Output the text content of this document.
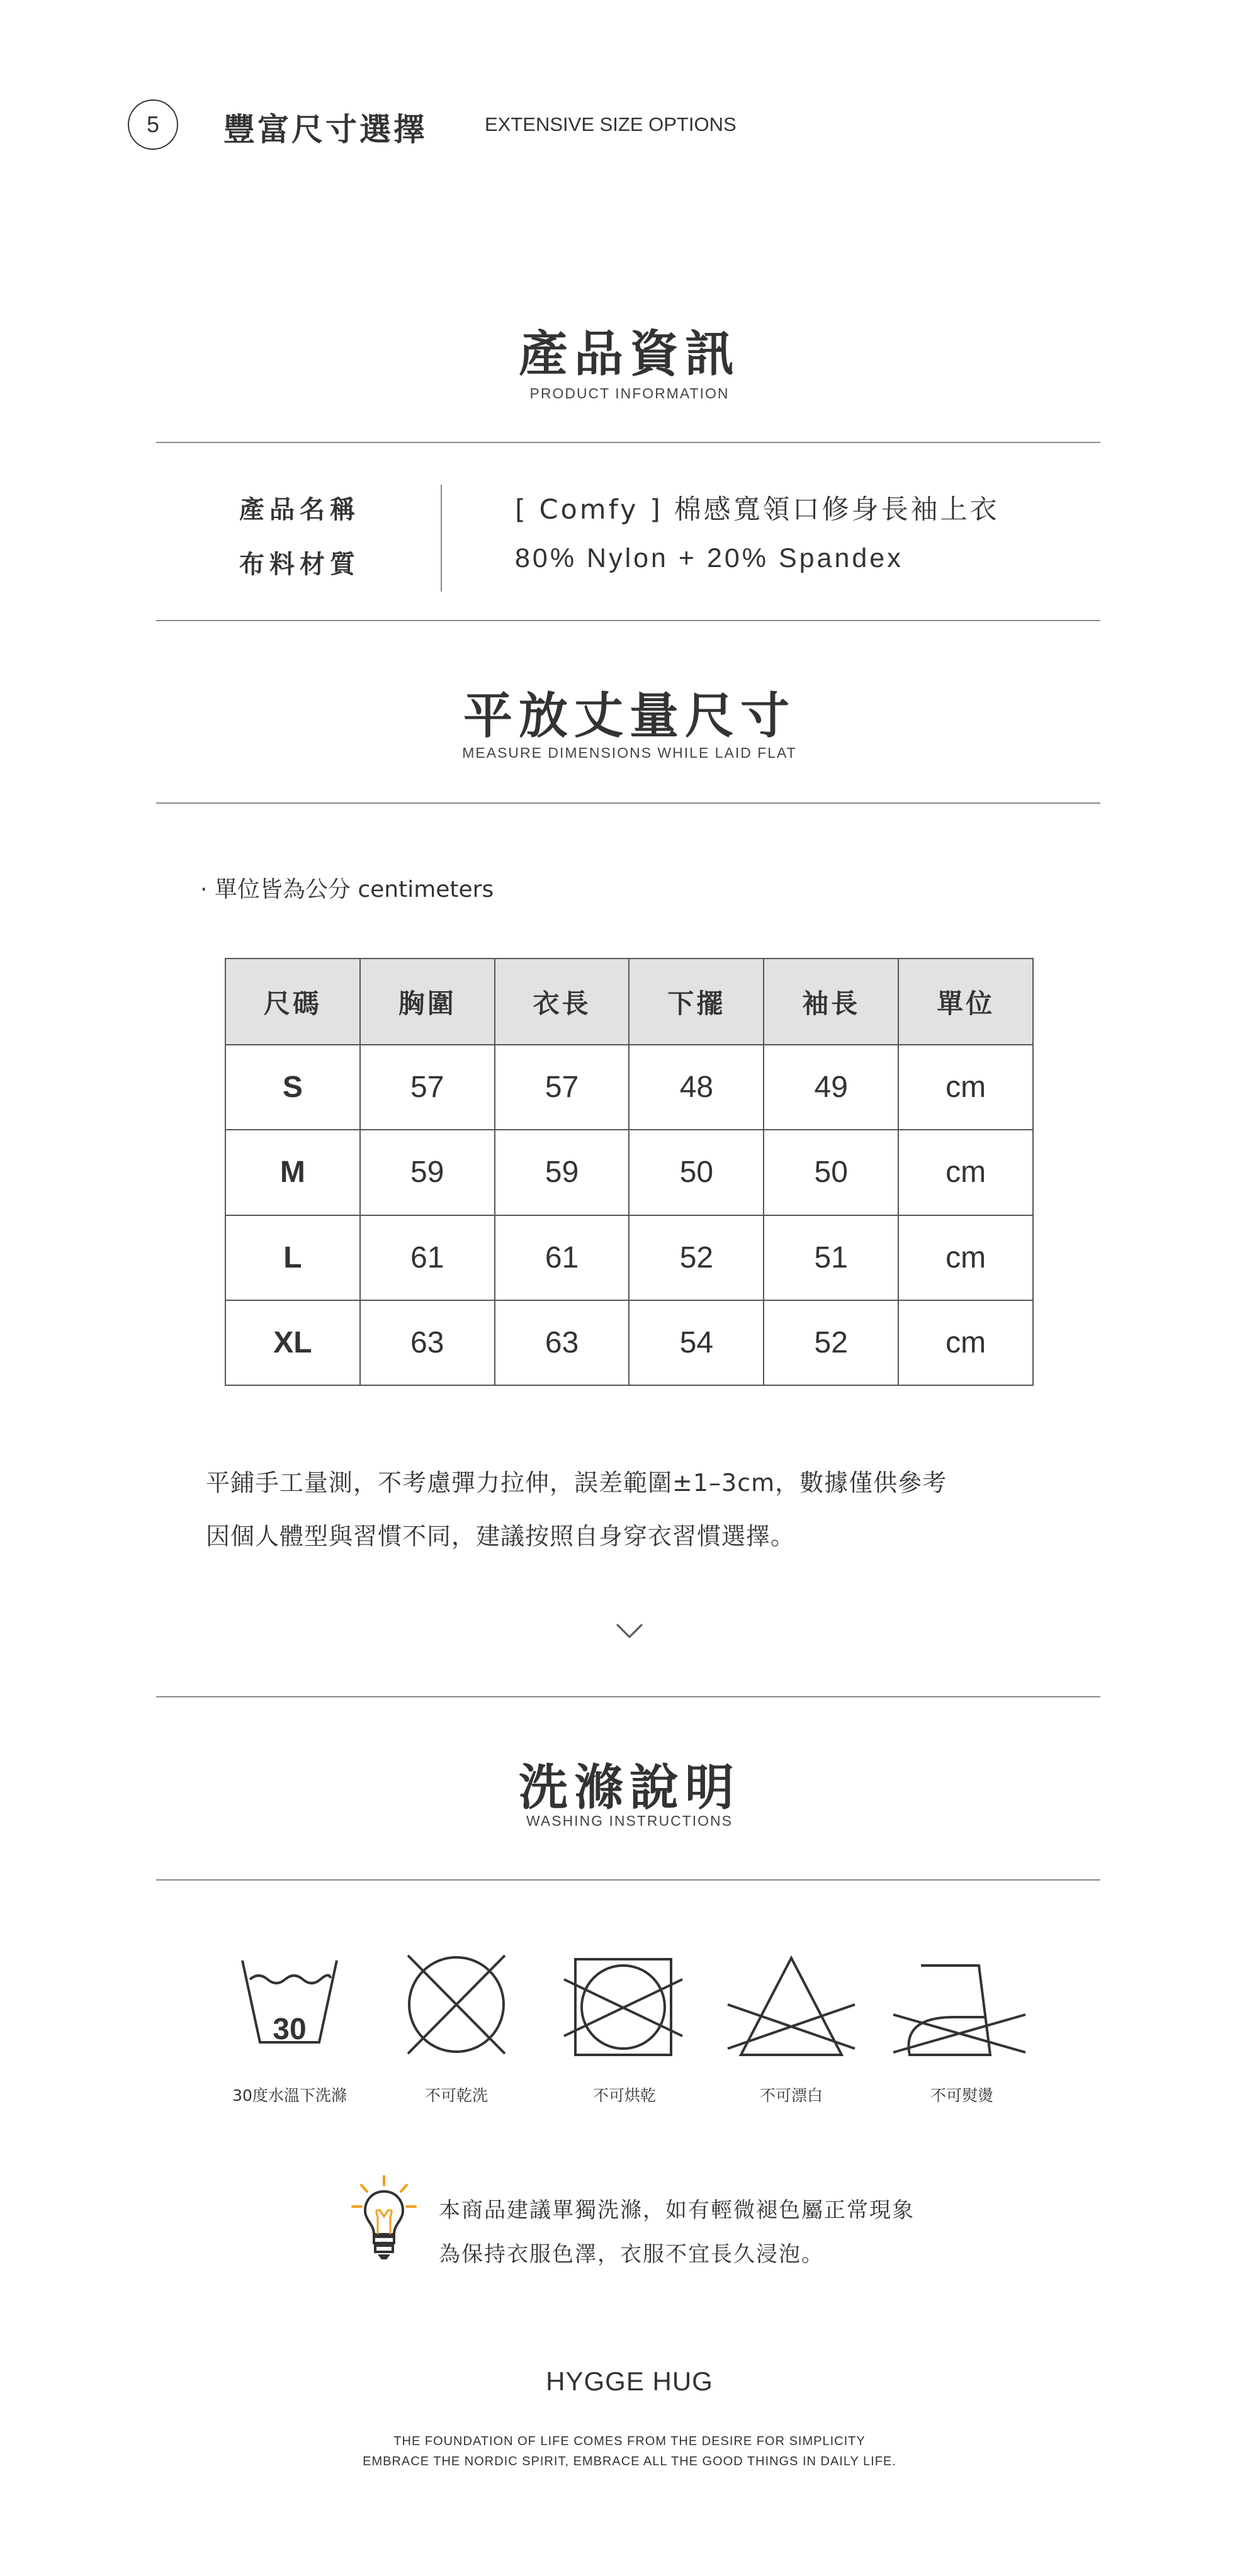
5 豐富尺寸選擇	EXTENSIVE SIZE OPTIONS
產品資訊
PRODUCT INFORMATION
產品名稱	[ Comfy ] 棉感寬領口修身長袖上衣
布料材質	80% Nylon + 20% Spandex
平放丈量尺寸
MEASURE DIMENSIONS WHILE LAID FLAT
· 單位皆為公分 centimeters
尺碼	胸圍	衣長	下擺	袖長	單位
S	57	57	48	49	cm
M	59	59	50	50	cm
L	61	61	52	51	cm
XL	63	63	54	52	cm
平鋪手工量測，不考慮彈力拉伸，誤差範圍±1–3cm，數據僅供參考
因個人體型與習慣不同，建議按照自身穿衣習慣選擇。
洗滌說明
WASHING INSTRUCTIONS
30
30度水溫下洗滌	不可乾洗	不可烘乾	不可漂白	不可熨燙
本商品建議單獨洗滌，如有輕微褪色屬正常現象
為保持衣服色澤，衣服不宜長久浸泡。
HYGGE HUG
THE FOUNDATION OF LIFE COMES FROM THE DESIRE FOR SIMPLICITY
EMBRACE THE NORDIC SPIRIT, EMBRACE ALL THE GOOD THINGS IN DAILY LIFE.
